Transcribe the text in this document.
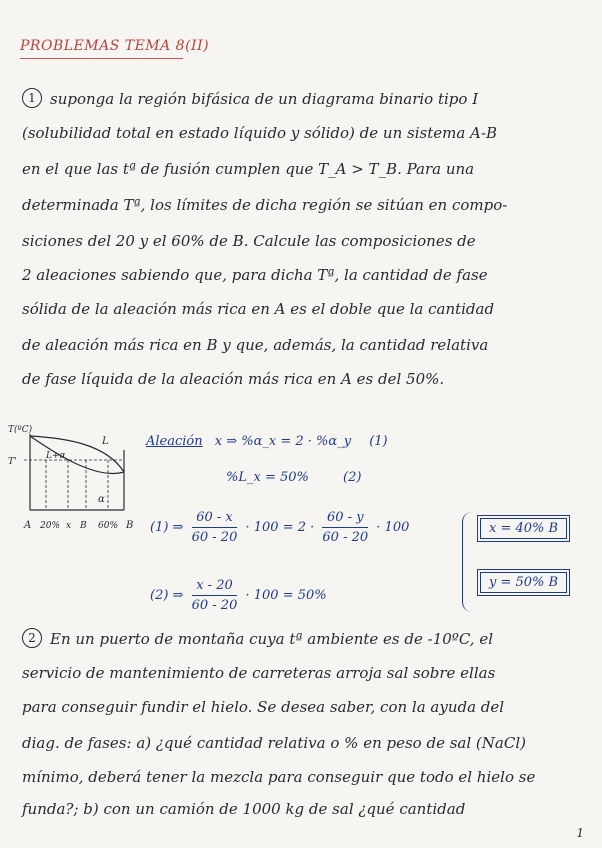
PROBLEMAS TEMA 8(II)
1 suponga la región bifásica de un diagrama binario tipo I
(solubilidad total en estado líquido y sólido) de un sistema A-B
en el que las tª de fusión cumplen que T_A > T_B. Para una
determinada Tª, los límites de dicha región se sitúan en compo-
siciones del 20 y el 60% de B. Calcule las composiciones de
2 aleaciones sabiendo que, para dicha Tª, la cantidad de fase
sólida de la aleación más rica en A es el doble que la cantidad
de aleación más rica en B y que, además, la cantidad relativa
de fase líquida de la aleación más rica en A es del 50%.
T(ºC)
T'
L
L+α
α
A 20% x B 60% B
Aleación x ⇒ %α_x = 2 · %α_y (1)
%L_x = 50%	(2)
(1) ⇒ $\frac{60 - x}{60 - 20} \cdot 100 = 2 \cdot \frac{60 - y}{60 - 20} \cdot 100$
(2) ⇒ $\frac{x - 20}{60 - 20} \cdot 100 = 50\%$
x = 40% B
y = 50% B
2 En un puerto de montaña cuya tª ambiente es de -10ºC, el
servicio de mantenimiento de carreteras arroja sal sobre ellas
para conseguir fundir el hielo. Se desea saber, con la ayuda del
diag. de fases: a) ¿qué cantidad relativa o % en peso de sal (NaCl)
mínimo, deberá tener la mezcla para conseguir que todo el hielo se
funda?; b) con un camión de 1000 kg de sal ¿qué cantidad
1
